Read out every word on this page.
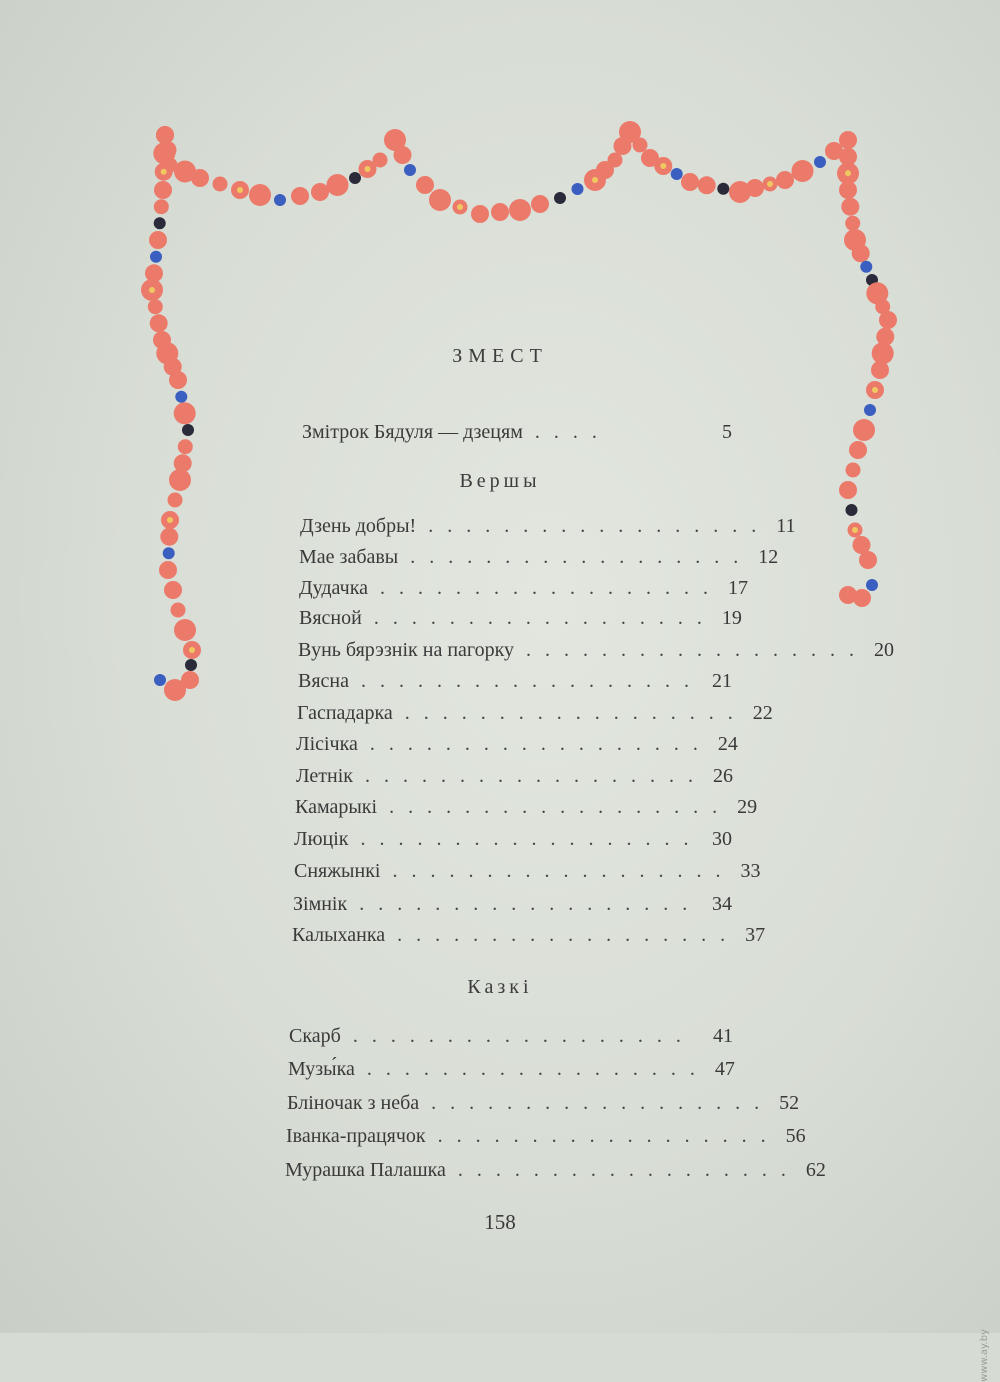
ЗМЕСТ
Змітрок Бядуля — дзецям ....	5
Вершы
Дзень добры! .................. 11
Мае забавы .................. 12
Дудачка .................. 17
Вясной .................. 19
Вунь бярэзнік на пагорку .................. 20
Вясна .................. 21
Гаспадарка .................. 22
Лісічка .................. 24
Летнік .................. 26
Камарыкі .................. 29
Люцік .................. 30
Сняжынкі .................. 33
Зімнік .................. 34
Калыханка .................. 37
Казкі
Скарб .................. 41
Музы́ка .................. 47
Бліночак з неба .................. 52
Іванка-працячок .................. 56
Мурашка Палашка .................. 62
158
www.ay.by
